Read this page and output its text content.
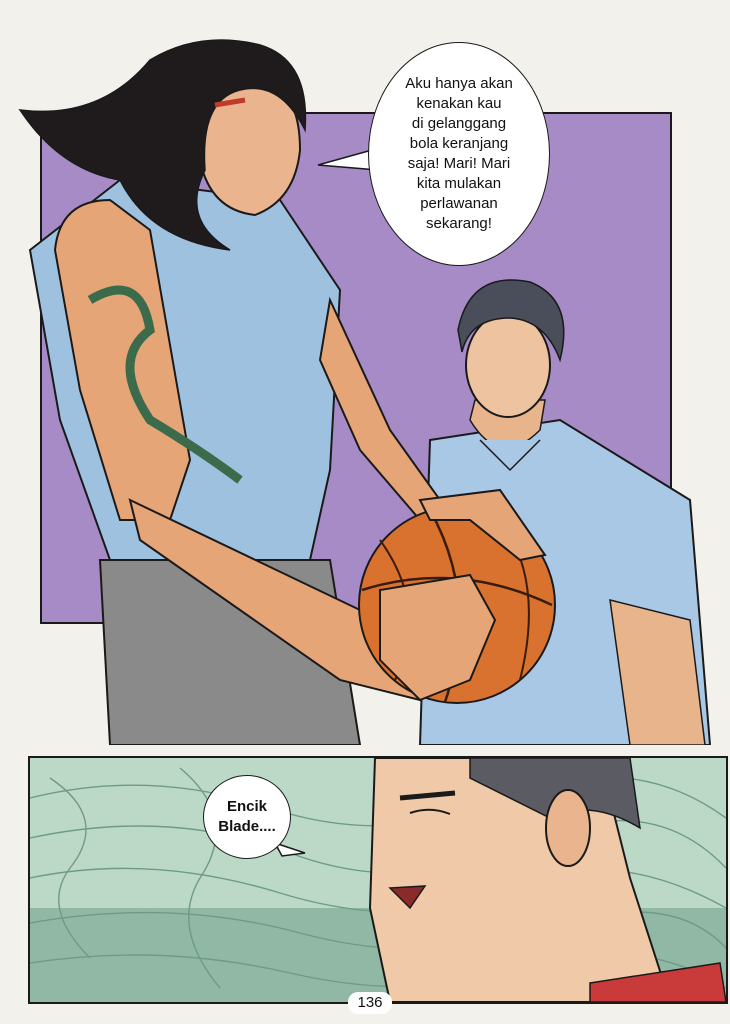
Aku hanya akan
kenakan kau
di gelanggang
bola keranjang
saja! Mari! Mari
kita mulakan
perlawanan
sekarang!
Encik
Blade....
136
